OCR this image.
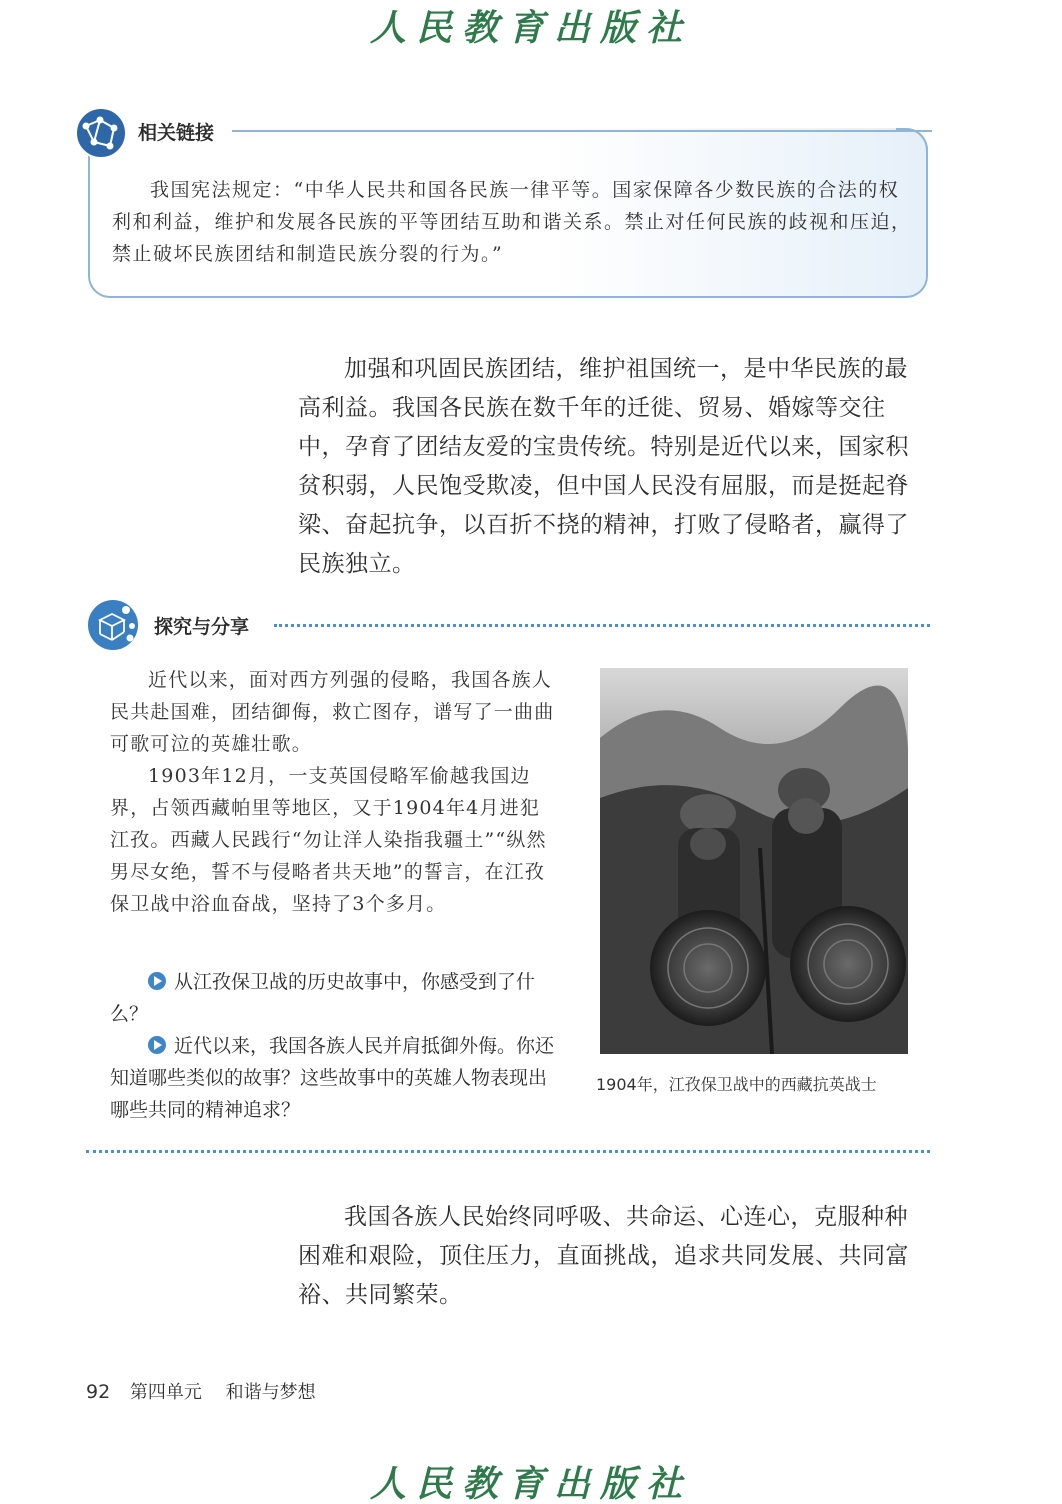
人民教育出版社

我国宪法规定：“中华人民共和国各民族一律平等。国家保障各少数民族的合法的权利和利益，维护和发展各民族的平等团结互助和谐关系。禁止对任何民族的歧视和压迫，禁止破坏民族团结和制造民族分裂的行为。”

相关链接

加强和巩固民族团结，维护祖国统一，是中华民族的最高利益。我国各民族在数千年的迁徙、贸易、婚嫁等交往中，孕育了团结友爱的宝贵传统。特别是近代以来，国家积贫积弱，人民饱受欺凌，但中国人民没有屈服，而是挺起脊梁、奋起抗争，以百折不挠的精神，打败了侵略者，赢得了民族独立。

探究与分享

近代以来，面对西方列强的侵略，我国各族人民共赴国难，团结御侮，救亡图存，谱写了一曲曲可歌可泣的英雄壮歌。

1903年12月，一支英国侵略军偷越我国边界，占领西藏帕里等地区，又于1904年4月进犯江孜。西藏人民践行“勿让洋人染指我疆土”“纵然男尽女绝，誓不与侵略者共天地”的誓言，在江孜保卫战中浴血奋战，坚持了3个多月。

从江孜保卫战的历史故事中，你感受到了什么？

近代以来，我国各族人民并肩抵御外侮。你还知道哪些类似的故事？这些故事中的英雄人物表现出哪些共同的精神追求？

1904年，江孜保卫战中的西藏抗英战士

我国各族人民始终同呼吸、共命运、心连心，克服种种困难和艰险，顶住压力，直面挑战，追求共同发展、共同富裕、共同繁荣。

92 第四单元 和谐与梦想
人民教育出版社
